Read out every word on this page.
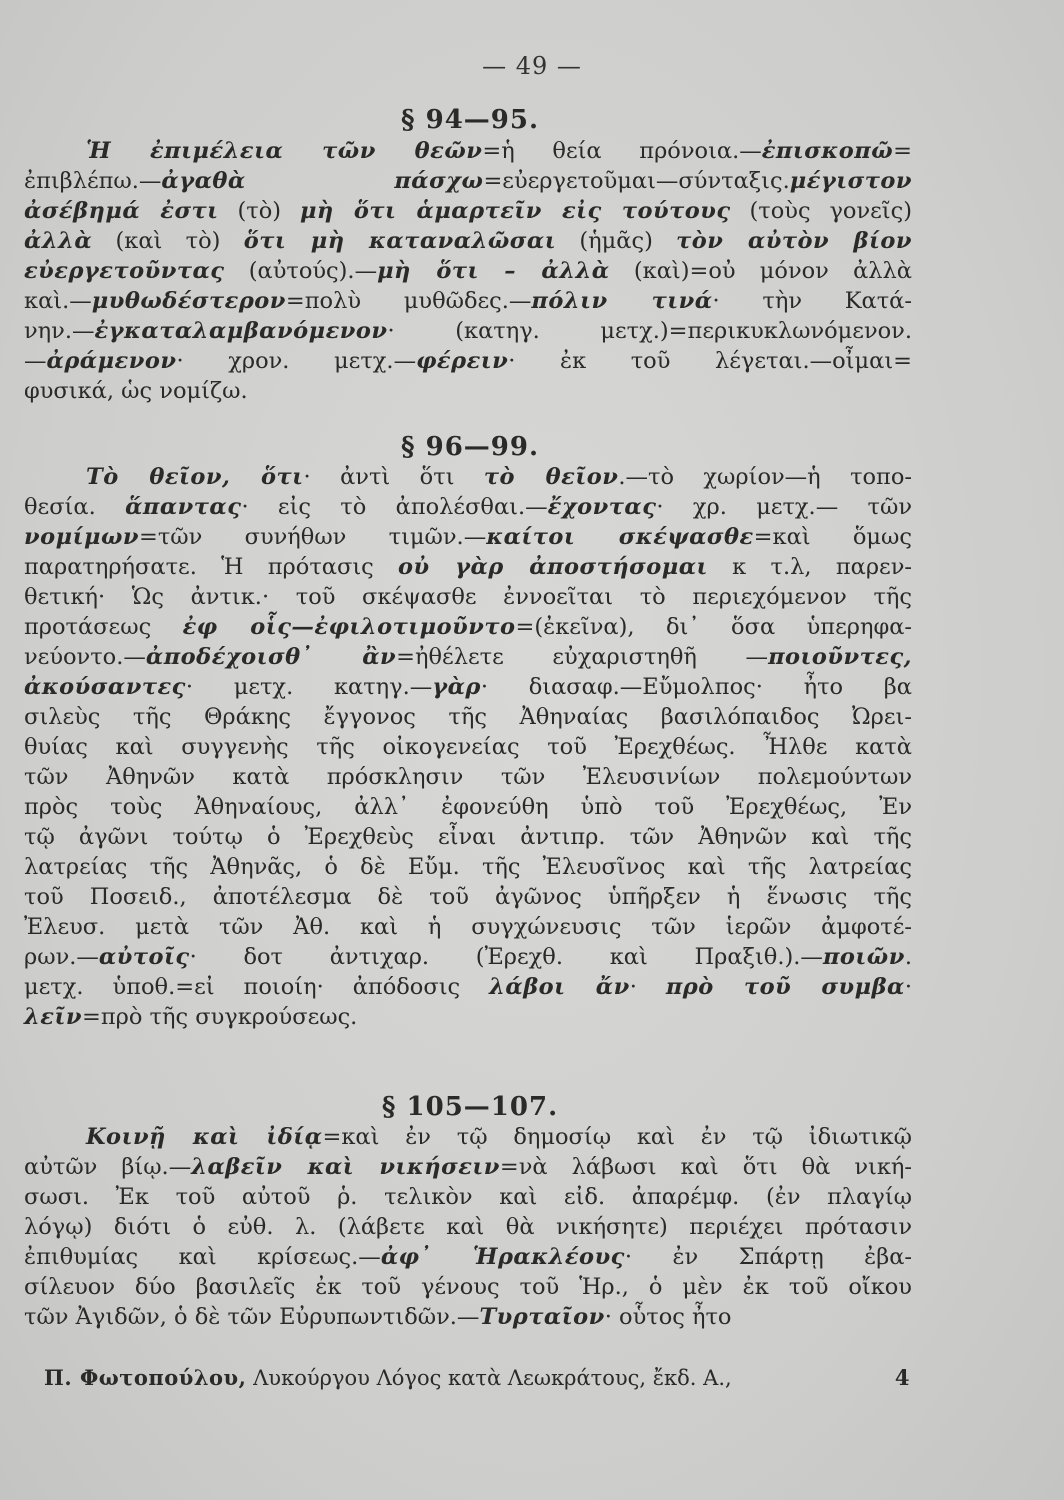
— 49 —
§ 94—95.
§ 96—99.
§ 105—107.
Ἡ ἐπιμέλεια τῶν θεῶν=ἡ θεία πρόνοια.—ἐπισκοπῶ=
ἐπιβλέπω.—ἀγαθὰ πάσχω=εὐεργετοῦμαι—σύνταξις.μέγιστον
ἀσέβημά ἐστι (τὸ) μὴ ὅτι ἁμαρτεῖν εἰς τούτους (τοὺς γονεῖς)
ἀλλὰ (καὶ τὸ) ὅτι μὴ καταναλῶσαι (ἡμᾶς) τὸν αὐτὸν βίον
εὐεργετοῦντας (αὐτούς).—μὴ ὅτι – ἀλλὰ (καὶ)=οὐ μόνον ἀλλὰ
καὶ.—μυθωδέστερον=πολὺ μυθῶδες.—πόλιν τινά· τὴν Κατά-
νην.—ἐγκαταλαμβανόμενον· (κατηγ. μετχ.)=περικυκλωνόμενον.
—ἀράμενον· χρον. μετχ.—φέρειν· ἐκ τοῦ λέγεται.—οἶμαι=
φυσικά, ὡς νομίζω.
Τὸ θεῖον, ὅτι· ἀντὶ ὅτι τὸ θεῖον.—τὸ χωρίον—ἡ τοπο-
θεσία. ἅπαντας· εἰς τὸ ἀπολέσθαι.—ἔχοντας· χρ. μετχ.— τῶν
νομίμων=τῶν συνήθων τιμῶν.—καίτοι σκέψασθε=καὶ ὅμως
παρατηρήσατε. Ἡ πρότασις οὐ γὰρ ἀποστήσομαι κ τ.λ, παρεν-
θετική· Ὡς ἀντικ.· τοῦ σκέψασθε ἐννοεῖται τὸ περιεχόμενον τῆς
προτάσεως ἐφ οἷς—ἐφιλοτιμοῦντο=(ἐκεῖνα), δι᾿ ὅσα ὑπερηφα-
νεύοντο.—ἀποδέχοισθ᾿ ἂν=ἠθέλετε εὐχαριστηθῆ —ποιοῦντες,
ἀκούσαντες· μετχ. κατηγ.—γὰρ· διασαφ.—Εὔμολπος· ἦτο βα
σιλεὺς τῆς Θράκης ἔγγονος τῆς Ἀθηναίας βασιλόπαιδος Ὠρει-
θυίας καὶ συγγενὴς τῆς οἰκογενείας τοῦ Ἐρεχθέως. Ἦλθε κατὰ
τῶν Ἀθηνῶν κατὰ πρόσκλησιν τῶν Ἐλευσινίων πολεμούντων
πρὸς τοὺς Ἀθηναίους, ἀλλ᾿ ἐφονεύθη ὑπὸ τοῦ Ἐρεχθέως, Ἐν
τῷ ἀγῶνι τούτῳ ὁ Ἐρεχθεὺς εἶναι ἀντιπρ. τῶν Ἀθηνῶν καὶ τῆς
λατρείας τῆς Ἀθηνᾶς, ὁ δὲ Εὔμ. τῆς Ἐλευσῖνος καὶ τῆς λατρείας
τοῦ Ποσειδ., ἀποτέλεσμα δὲ τοῦ ἀγῶνος ὑπῆρξεν ἡ ἕνωσις τῆς
Ἐλευσ. μετὰ τῶν Ἀθ. καὶ ἡ συγχώνευσις τῶν ἱερῶν ἀμφοτέ-
ρων.—αὐτοῖς· δοτ ἀντιχαρ. (Ἐρεχθ. καὶ Πραξιθ.).—ποιῶν.
μετχ. ὑποθ.=εἰ ποιοίη· ἀπόδοσις λάβοι ἄν· πρὸ τοῦ συμβα·
λεῖν=πρὸ τῆς συγκρούσεως.
Κοινῇ καὶ ἰδίᾳ=καὶ ἐν τῷ δημοσίῳ καὶ ἐν τῷ ἰδιωτικῷ
αὐτῶν βίῳ.—λαβεῖν καὶ νικήσειν=νὰ λάβωσι καὶ ὅτι θὰ νική-
σωσι. Ἐκ τοῦ αὐτοῦ ῥ. τελικὸν καὶ εἰδ. ἀπαρέμφ. (ἐν πλαγίῳ
λόγῳ) διότι ὁ εὐθ. λ. (λάβετε καὶ θὰ νικήσητε) περιέχει πρότασιν
ἐπιθυμίας καὶ κρίσεως.—ἀφ᾿ Ἡρακλέους· ἐν Σπάρτῃ ἐβα-
σίλευον δύο βασιλεῖς ἐκ τοῦ γένους τοῦ Ἡρ., ὁ μὲν ἐκ τοῦ οἴκου
τῶν Ἀγιδῶν, ὁ δὲ τῶν Εὐρυπωντιδῶν.—Τυρταῖον· οὗτος ἦτο
Π. Φωτοπούλου, Λυκούργου Λόγος κατὰ Λεωκράτους, ἔκδ. Α.,	4
